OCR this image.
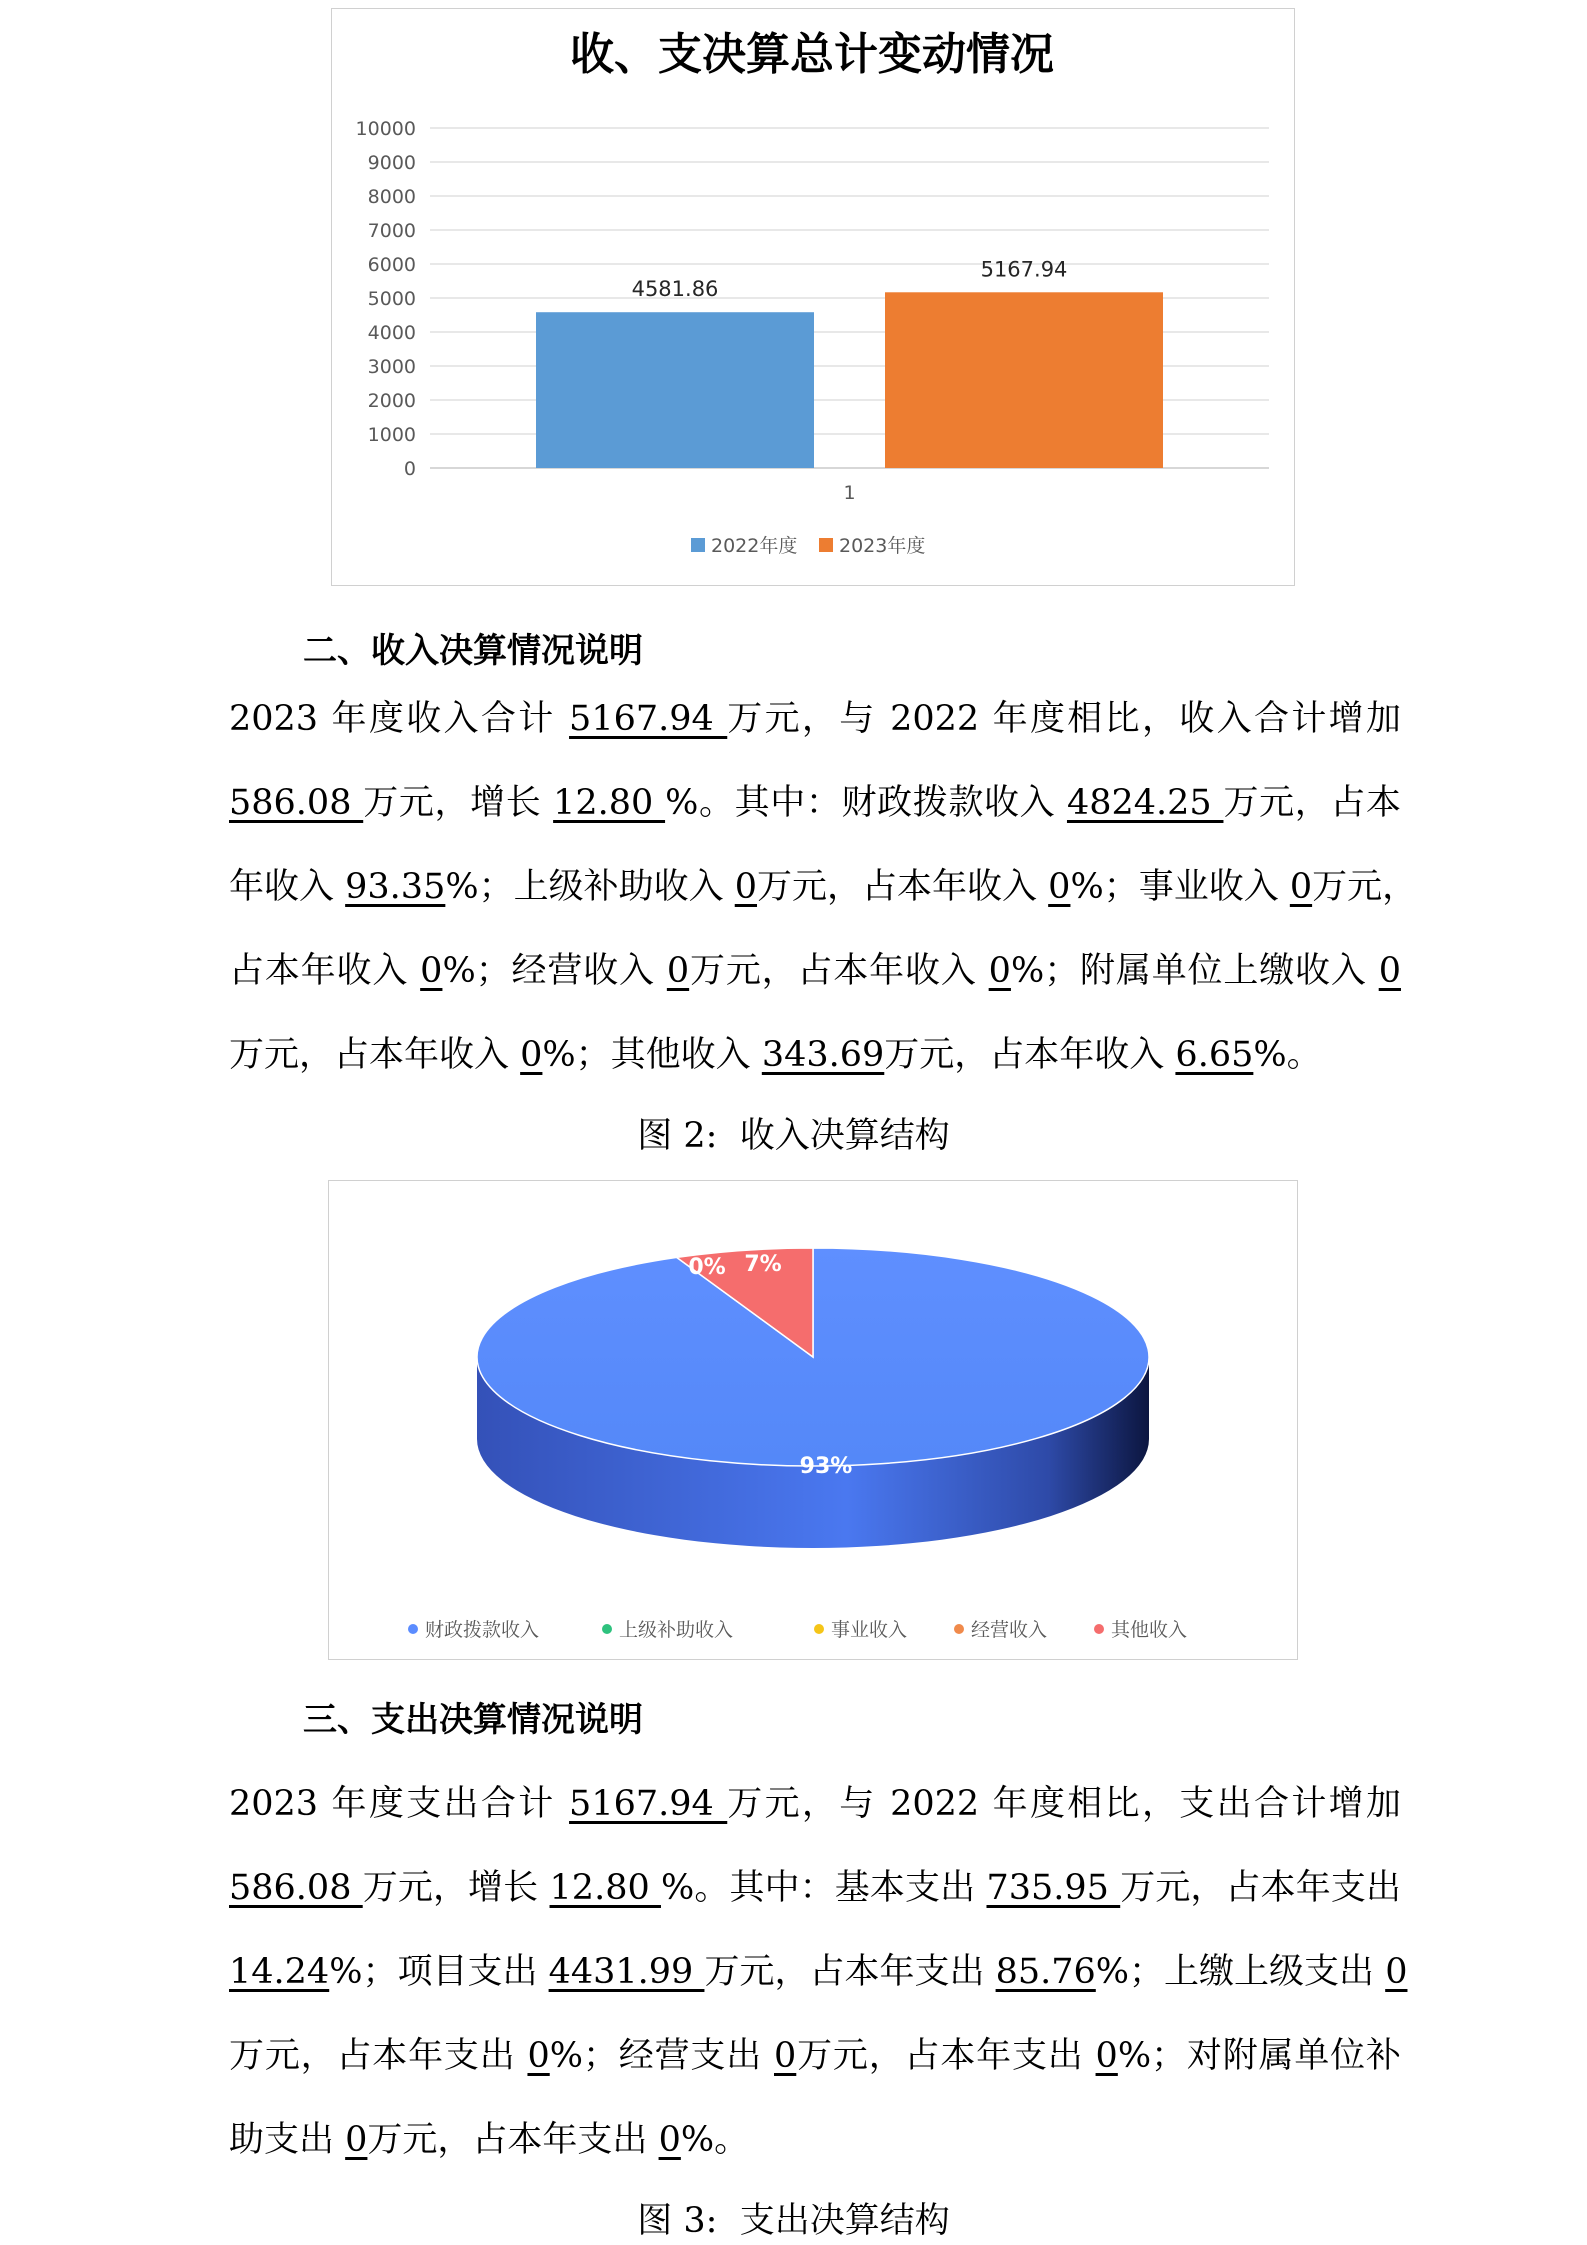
收、支决算总计变动情况
0
1000
2000
3000
4000
5000
6000
7000
8000
9000
10000
4581.86
5167.94
1
2022年度 2023年度
二、收入决算情况说明
2023 年度收入合计 5167.94 万元，与 2022 年度相比，收入合计增加
586.08 万元，增长 12.80 %。其中：财政拨款收入 4824.25 万元，占本
年收入 93.35%；上级补助收入 0万元，占本年收入 0%；事业收入 0万元，
占本年收入 0%；经营收入 0万元，占本年收入 0%；附属单位上缴收入 0
万元，占本年收入 0%；其他收入 343.69万元，占本年收入 6.65%。
图 2:  收入决算结构
93%
0% 7%
财政拨款收入	上级补助收入	事业收入	经营收入	其他收入
三、支出决算情况说明
2023 年度支出合计 5167.94 万元，与 2022 年度相比，支出合计增加
586.08 万元，增长 12.80 %。其中：基本支出 735.95 万元，占本年支出
14.24%；项目支出 4431.99 万元，占本年支出 85.76%；上缴上级支出 0
万元，占本年支出 0%；经营支出 0万元，占本年支出 0%；对附属单位补
助支出 0万元，占本年支出 0%。
图 3:  支出决算结构
